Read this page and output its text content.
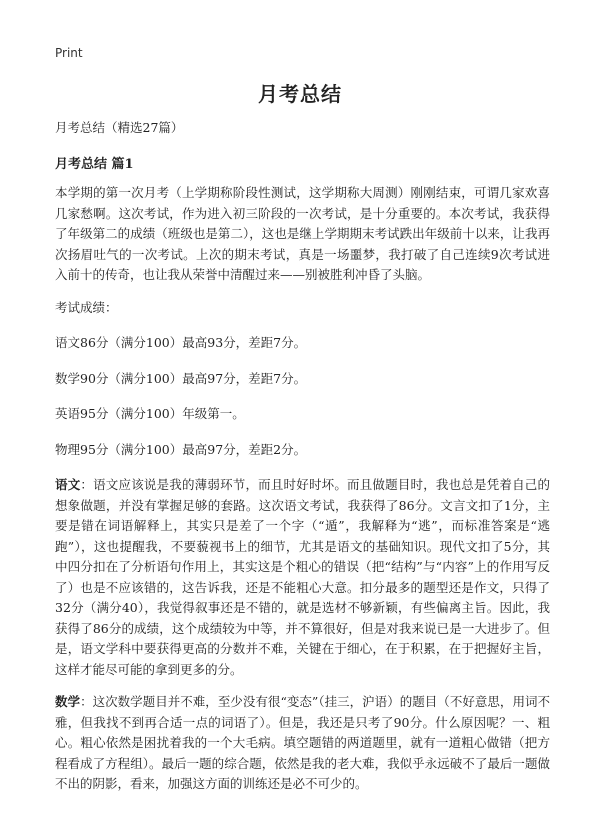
Print
月考总结

月考总结（精选27篇）

月考总结 篇1

本学期的第一次月考（上学期称阶段性测试，这学期称大周测）刚刚结束，可谓几家欢喜几家愁啊。这次考试，作为进入初三阶段的一次考试，是十分重要的。本次考试，我获得了年级第二的成绩（班级也是第二），这也是继上学期期末考试跌出年级前十以来，让我再次扬眉吐气的一次考试。上次的期末考试，真是一场噩梦，我打破了自己连续9次考试进入前十的传奇，也让我从荣誉中清醒过来——别被胜利冲昏了头脑。

考试成绩：

语文86分（满分100）最高93分，差距7分。

数学90分（满分100）最高97分，差距7分。

英语95分（满分100）年级第一。

物理95分（满分100）最高97分，差距2分。

语文：语文应该说是我的薄弱环节，而且时好时坏。而且做题目时，我也总是凭着自己的想象做题，并没有掌握足够的套路。这次语文考试，我获得了86分。文言文扣了1分，主要是错在词语解释上，其实只是差了一个字（“遁”，我解释为“逃”，而标准答案是“逃跑”），这也提醒我，不要藐视书上的细节，尤其是语文的基础知识。现代文扣了5分，其中四分扣在了分析语句作用上，其实这是个粗心的错误（把“结构”与“内容”上的作用写反了）也是不应该错的，这告诉我，还是不能粗心大意。扣分最多的题型还是作文，只得了32分（满分40），我觉得叙事还是不错的，就是选材不够新颖，有些偏离主旨。因此，我获得了86分的成绩，这个成绩较为中等，并不算很好，但是对我来说已是一大进步了。但是，语文学科中要获得更高的分数并不难，关键在于细心，在于积累，在于把握好主旨，这样才能尽可能的拿到更多的分。

数学：这次数学题目并不难，至少没有很“变态”（挂三，沪语）的题目（不好意思，用词不雅，但我找不到再合适一点的词语了）。但是，我还是只考了90分。什么原因呢？一、粗心。粗心依然是困扰着我的一个大毛病。填空题错的两道题里，就有一道粗心做错（把方程看成了方程组）。最后一题的综合题，依然是我的老大难，我似乎永远破不了最后一题做不出的阴影，看来，加强这方面的训练还是必不可少的。
